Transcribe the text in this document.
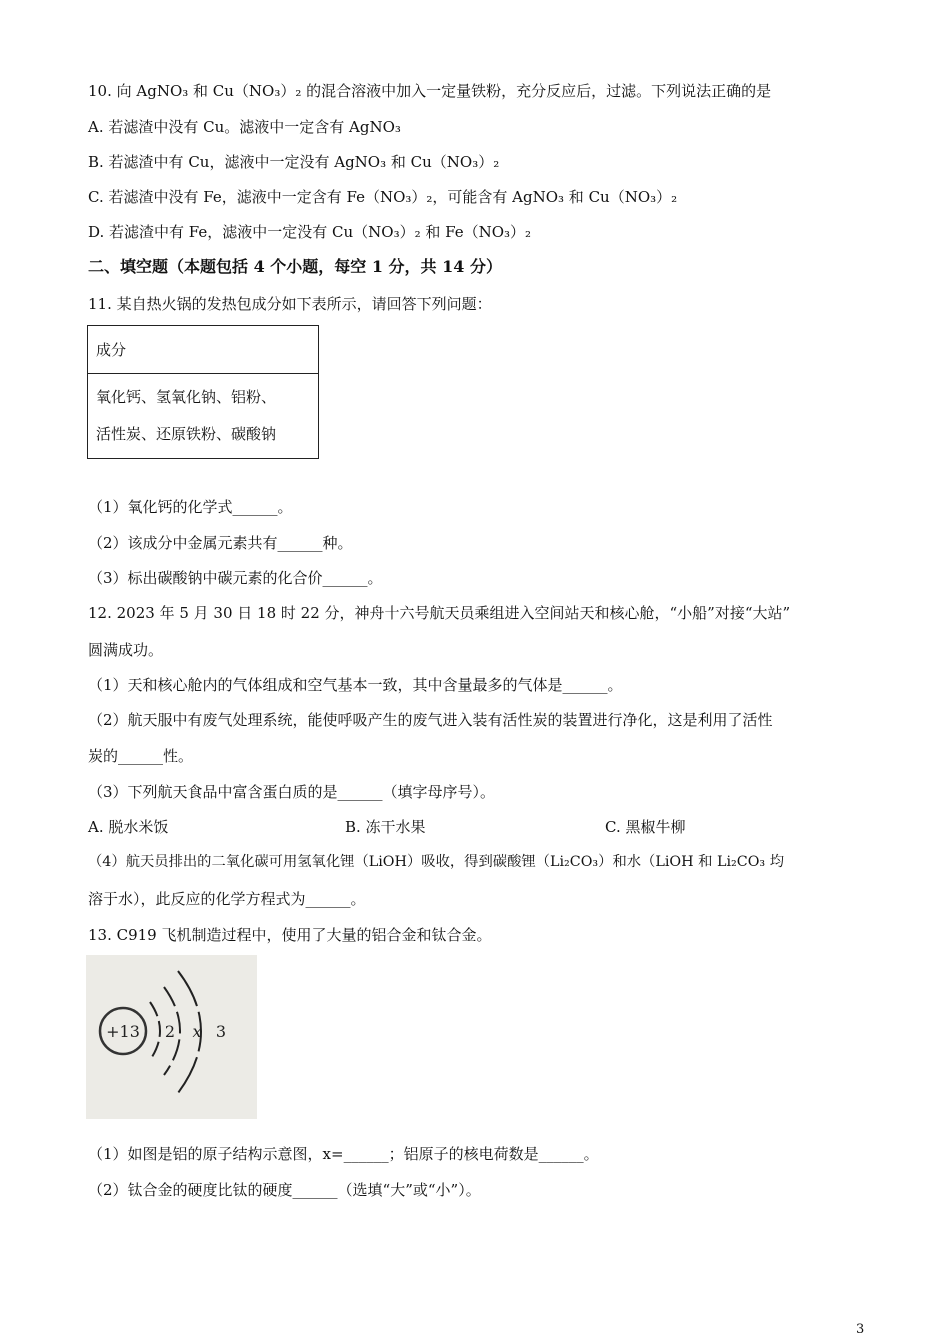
10. 向 AgNO₃ 和 Cu（NO₃）₂ 的混合溶液中加入一定量铁粉，充分反应后，过滤。下列说法正确的是
A. 若滤渣中没有 Cu。滤液中一定含有 AgNO₃
B. 若滤渣中有 Cu，滤液中一定没有 AgNO₃ 和 Cu（NO₃）₂
C. 若滤渣中没有 Fe，滤液中一定含有 Fe（NO₃）₂，可能含有 AgNO₃ 和 Cu（NO₃）₂
D. 若滤渣中有 Fe，滤液中一定没有 Cu（NO₃）₂ 和 Fe（NO₃）₂
二、填空题（本题包括 4 个小题，每空 1 分，共 14 分）
11. 某自热火锅的发热包成分如下表所示，请回答下列问题：
成分

氧化钙、氢氧化钠、铝粉、
活性炭、还原铁粉、碳酸钠
（1）氧化钙的化学式______。
（2）该成分中金属元素共有______种。
（3）标出碳酸钠中碳元素的化合价______。
12. 2023 年 5 月 30 日 18 时 22 分，神舟十六号航天员乘组进入空间站天和核心舱，“小船”对接“大站”
圆满成功。
（1）天和核心舱内的气体组成和空气基本一致，其中含量最多的气体是______。
（2）航天服中有废气处理系统，能使呼吸产生的废气进入装有活性炭的装置进行净化，这是利用了活性
炭的______性。
（3）下列航天食品中富含蛋白质的是______（填字母序号）。
A. 脱水米饭	B. 冻干水果	C. 黑椒牛柳
（4）航天员排出的二氧化碳可用氢氧化锂（LiOH）吸收，得到碳酸锂（Li₂CO₃）和水（LiOH 和 Li₂CO₃ 均
溶于水），此反应的化学方程式为______。
13. C919 飞机制造过程中，使用了大量的铝合金和钛合金。
+13 2 x 3
（1）如图是铝的原子结构示意图，x=______；铝原子的核电荷数是______。
（2）钛合金的硬度比钛的硬度______（选填“大”或“小”）。
3
